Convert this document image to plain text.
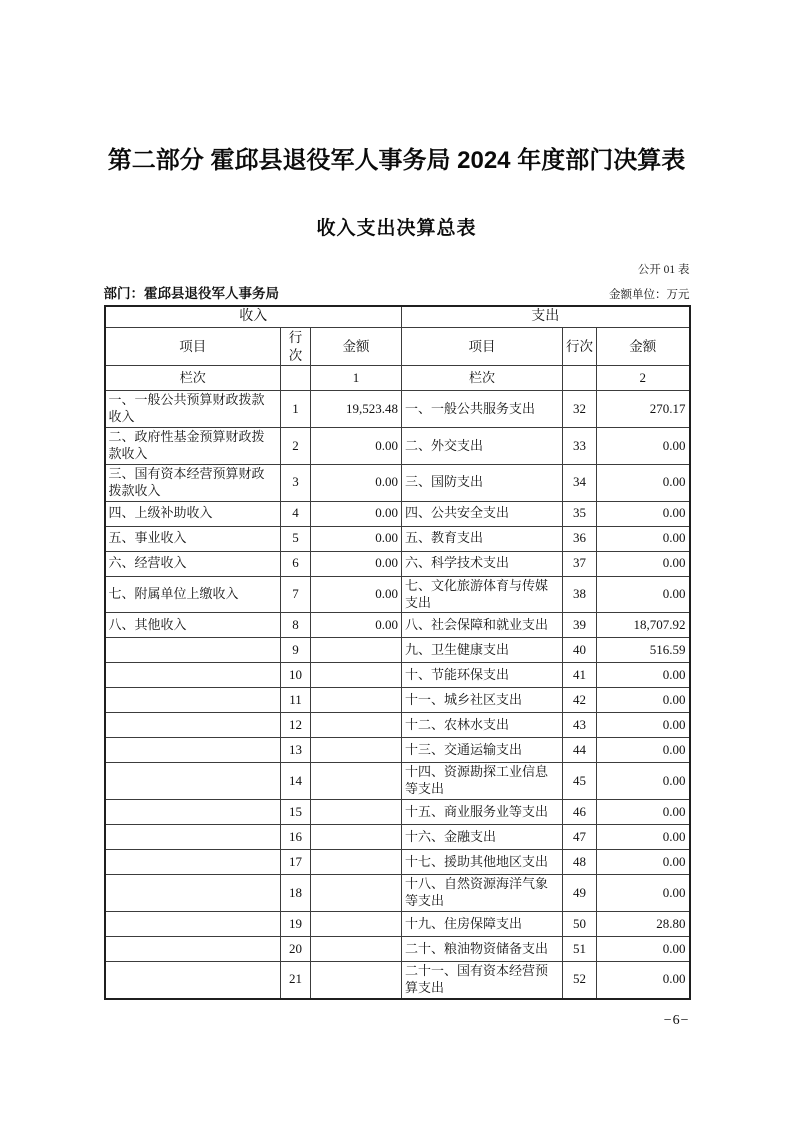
第二部分 霍邱县退役军人事务局 2024 年度部门决算表
收入支出决算总表
公开 01 表
部门：霍邱县退役军人事务局	金额单位：万元
收入			支出		
项目	行次	金额	项目	行次	金额
栏次		1	栏次		2
一、一般公共预算财政拨款收入	1	19,523.48	一、一般公共服务支出	32	270.17
二、政府性基金预算财政拨款收入	2	0.00	二、外交支出	33	0.00
三、国有资本经营预算财政拨款收入	3	0.00	三、国防支出	34	0.00
四、上级补助收入	4	0.00	四、公共安全支出	35	0.00
五、事业收入	5	0.00	五、教育支出	36	0.00
六、经营收入	6	0.00	六、科学技术支出	37	0.00
七、附属单位上缴收入	7	0.00	七、文化旅游体育与传媒支出	38	0.00
八、其他收入	8	0.00	八、社会保障和就业支出	39	18,707.92
	9		九、卫生健康支出	40	516.59
	10		十、节能环保支出	41	0.00
	11		十一、城乡社区支出	42	0.00
	12		十二、农林水支出	43	0.00
	13		十三、交通运输支出	44	0.00
	14		十四、资源勘探工业信息等支出	45	0.00
	15		十五、商业服务业等支出	46	0.00
	16		十六、金融支出	47	0.00
	17		十七、援助其他地区支出	48	0.00
	18		十八、自然资源海洋气象等支出	49	0.00
	19		十九、住房保障支出	50	28.80
	20		二十、粮油物资储备支出	51	0.00
	21		二十一、国有资本经营预算支出	52	0.00
−6−
